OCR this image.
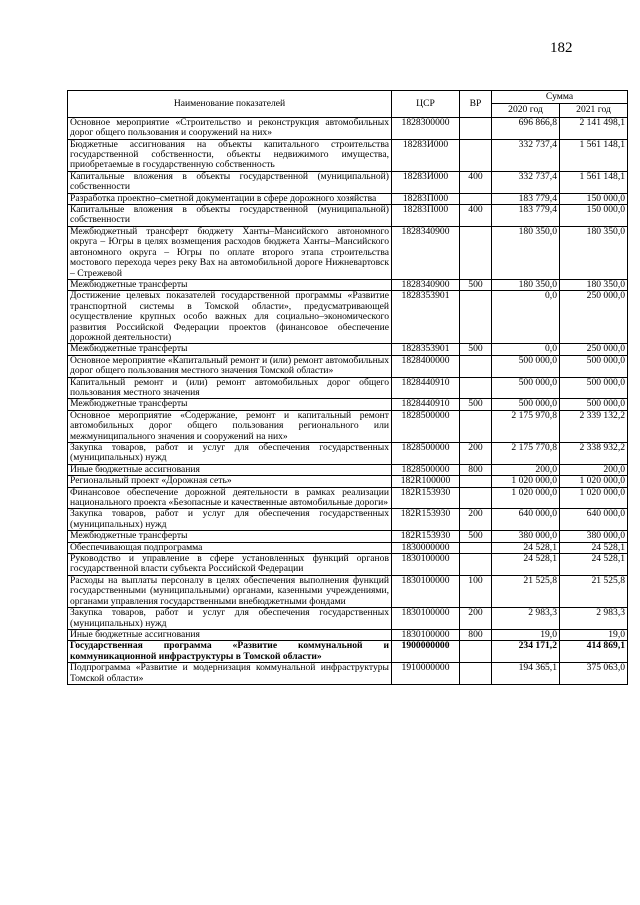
182
Наименование показателей	ЦСР	ВР	Сумма	
			2020 год	2021 год
Основное мероприятие «Строительство и реконструкция автомобильных дорог общего пользования и сооружений на них»	1828300000		696 866,8	2 141 498,1
Бюджетные ассигнования на объекты капитального строительства государственной собственности, объекты недвижимого имущества, приобретаемые в государственную собственность	18283И000		332 737,4	1 561 148,1
Капитальные вложения в объекты государственной (муниципальной) собственности	18283И000	400	332 737,4	1 561 148,1
Разработка проектно–сметной документации в сфере дорожного хозяйства	18283П000		183 779,4	150 000,0
Капитальные вложения в объекты государственной (муниципальной) собственности	18283П000	400	183 779,4	150 000,0
Межбюджетный трансферт бюджету Ханты–Мансийского автономного округа – Югры в целях возмещения расходов бюджета Ханты–Мансийского автономного округа – Югры по оплате второго этапа строительства мостового перехода через реку Вах на автомобильной дороге Нижневартовск – Стрежевой	1828340900		180 350,0	180 350,0
Межбюджетные трансферты	1828340900	500	180 350,0	180 350,0
Достижение целевых показателей государственной программы «Развитие транспортной системы в Томской области», предусматривающей осуществление крупных особо важных для социально–экономического развития Российской Федерации проектов (финансовое обеспечение дорожной деятельности)	1828353901		0,0	250 000,0
Межбюджетные трансферты	1828353901	500	0,0	250 000,0
Основное мероприятие «Капитальный ремонт и (или) ремонт автомобильных дорог общего пользования местного значения Томской области»	1828400000		500 000,0	500 000,0
Капитальный ремонт и (или) ремонт автомобильных дорог общего пользования местного значения	1828440910		500 000,0	500 000,0
Межбюджетные трансферты	1828440910	500	500 000,0	500 000,0
Основное мероприятие «Содержание, ремонт и капитальный ремонт автомобильных дорог общего пользования регионального или межмуниципального значения и сооружений на них»	1828500000		2 175 970,8	2 339 132,2
Закупка товаров, работ и услуг для обеспечения государственных (муниципальных) нужд	1828500000	200	2 175 770,8	2 338 932,2
Иные бюджетные ассигнования	1828500000	800	200,0	200,0
Региональный проект «Дорожная сеть»	182R100000		1 020 000,0	1 020 000,0
Финансовое обеспечение дорожной деятельности в рамках реализации национального проекта «Безопасные и качественные автомобильные дороги»	182R153930		1 020 000,0	1 020 000,0
Закупка товаров, работ и услуг для обеспечения государственных (муниципальных) нужд	182R153930	200	640 000,0	640 000,0
Межбюджетные трансферты	182R153930	500	380 000,0	380 000,0
Обеспечивающая подпрограмма	1830000000		24 528,1	24 528,1
Руководство и управление в сфере установленных функций органов государственной власти субъекта Российской Федерации	1830100000		24 528,1	24 528,1
Расходы на выплаты персоналу в целях обеспечения выполнения функций государственными (муниципальными) органами, казенными учреждениями, органами управления государственными внебюджетными фондами	1830100000	100	21 525,8	21 525,8
Закупка товаров, работ и услуг для обеспечения государственных (муниципальных) нужд	1830100000	200	2 983,3	2 983,3
Иные бюджетные ассигнования	1830100000	800	19,0	19,0
Государственная программа «Развитие коммунальной и коммуникационной инфраструктуры в Томской области»	1900000000		234 171,2	414 869,1
Подпрограмма «Развитие и модернизация коммунальной инфраструктуры Томской области»	1910000000		194 365,1	375 063,0
